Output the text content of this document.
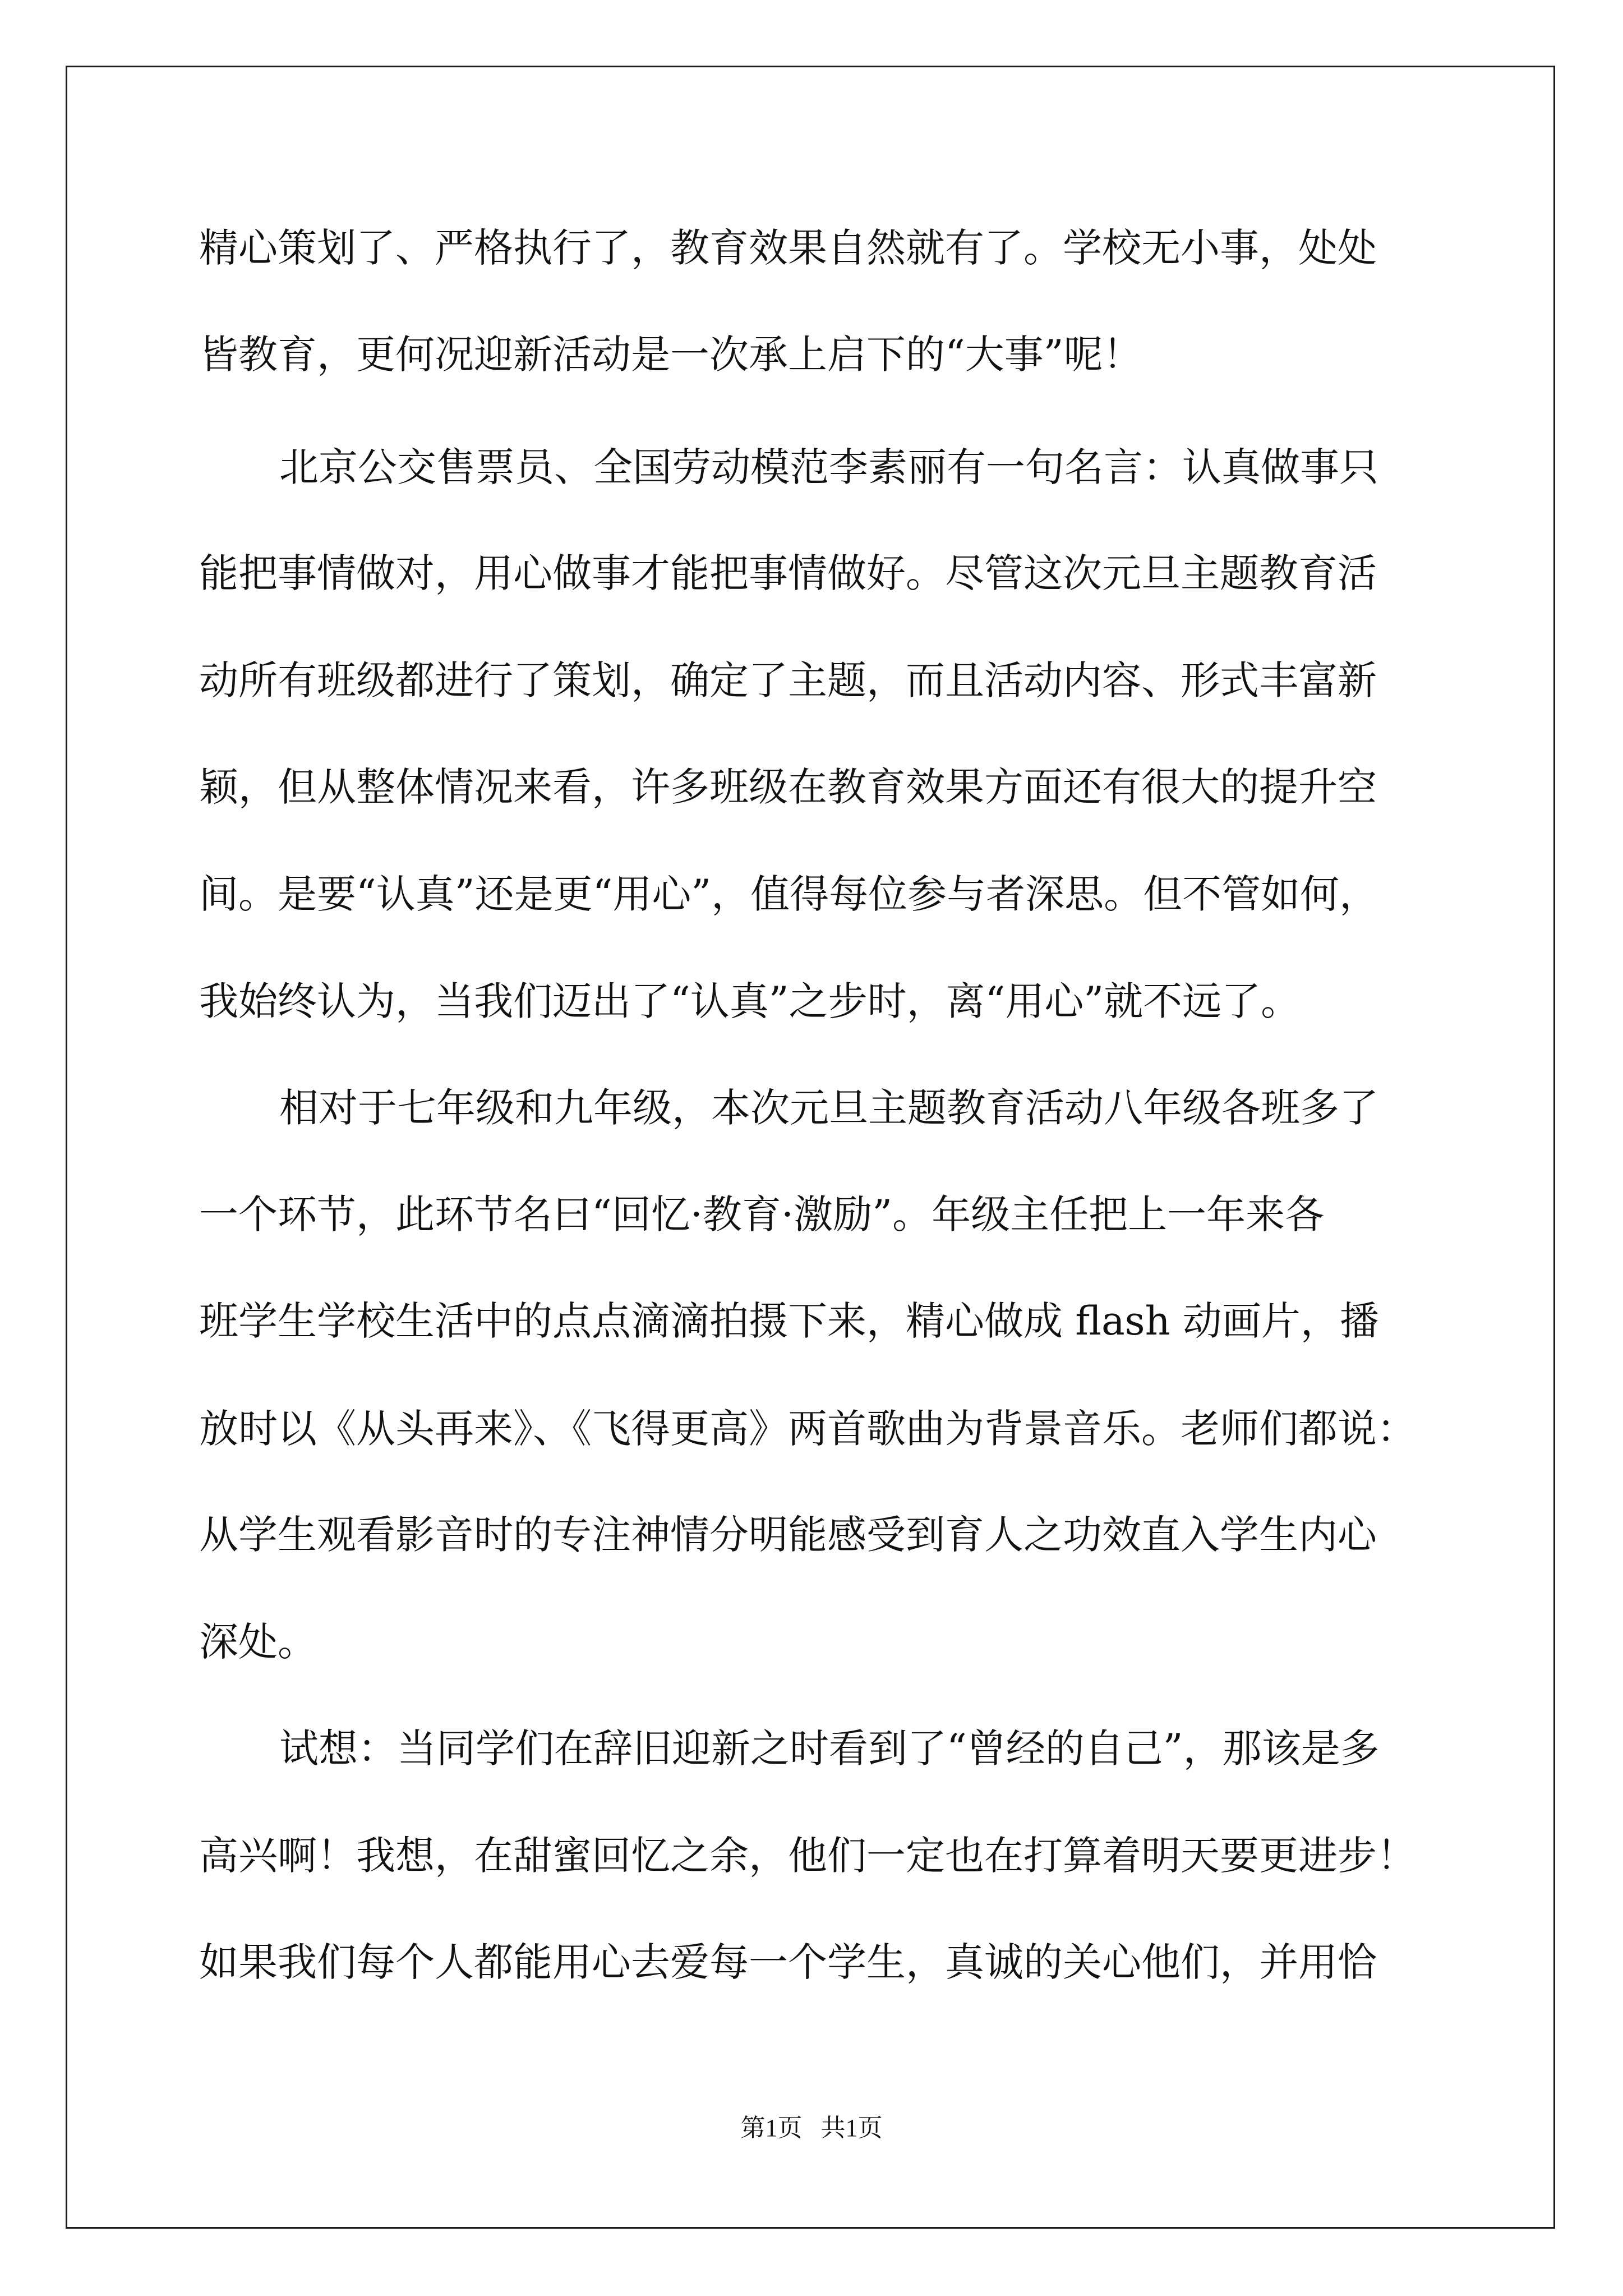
精心策划了、严格执行了，教育效果自然就有了。学校无小事，处处

皆教育，更何况迎新活动是一次承上启下的“大事”呢！

北京公交售票员、全国劳动模范李素丽有一句名言：认真做事只

能把事情做对，用心做事才能把事情做好。尽管这次元旦主题教育活

动所有班级都进行了策划，确定了主题，而且活动内容、形式丰富新

颖，但从整体情况来看，许多班级在教育效果方面还有很大的提升空

间。是要“认真”还是更“用心”，值得每位参与者深思。但不管如何，

我始终认为，当我们迈出了“认真”之步时，离“用心”就不远了。

相对于七年级和九年级，本次元旦主题教育活动八年级各班多了

一个环节，此环节名曰“回忆·教育·激励”。年级主任把上一年来各

班学生学校生活中的点点滴滴拍摄下来，精心做成 flash 动画片，播

放时以《从头再来》、《飞得更高》两首歌曲为背景音乐。老师们都说：

从学生观看影音时的专注神情分明能感受到育人之功效直入学生内心

深处。

试想：当同学们在辞旧迎新之时看到了“曾经的自己”，那该是多

高兴啊！我想，在甜蜜回忆之余，他们一定也在打算着明天要更进步！

如果我们每个人都能用心去爱每一个学生，真诚的关心他们，并用恰

第1页   共1页
